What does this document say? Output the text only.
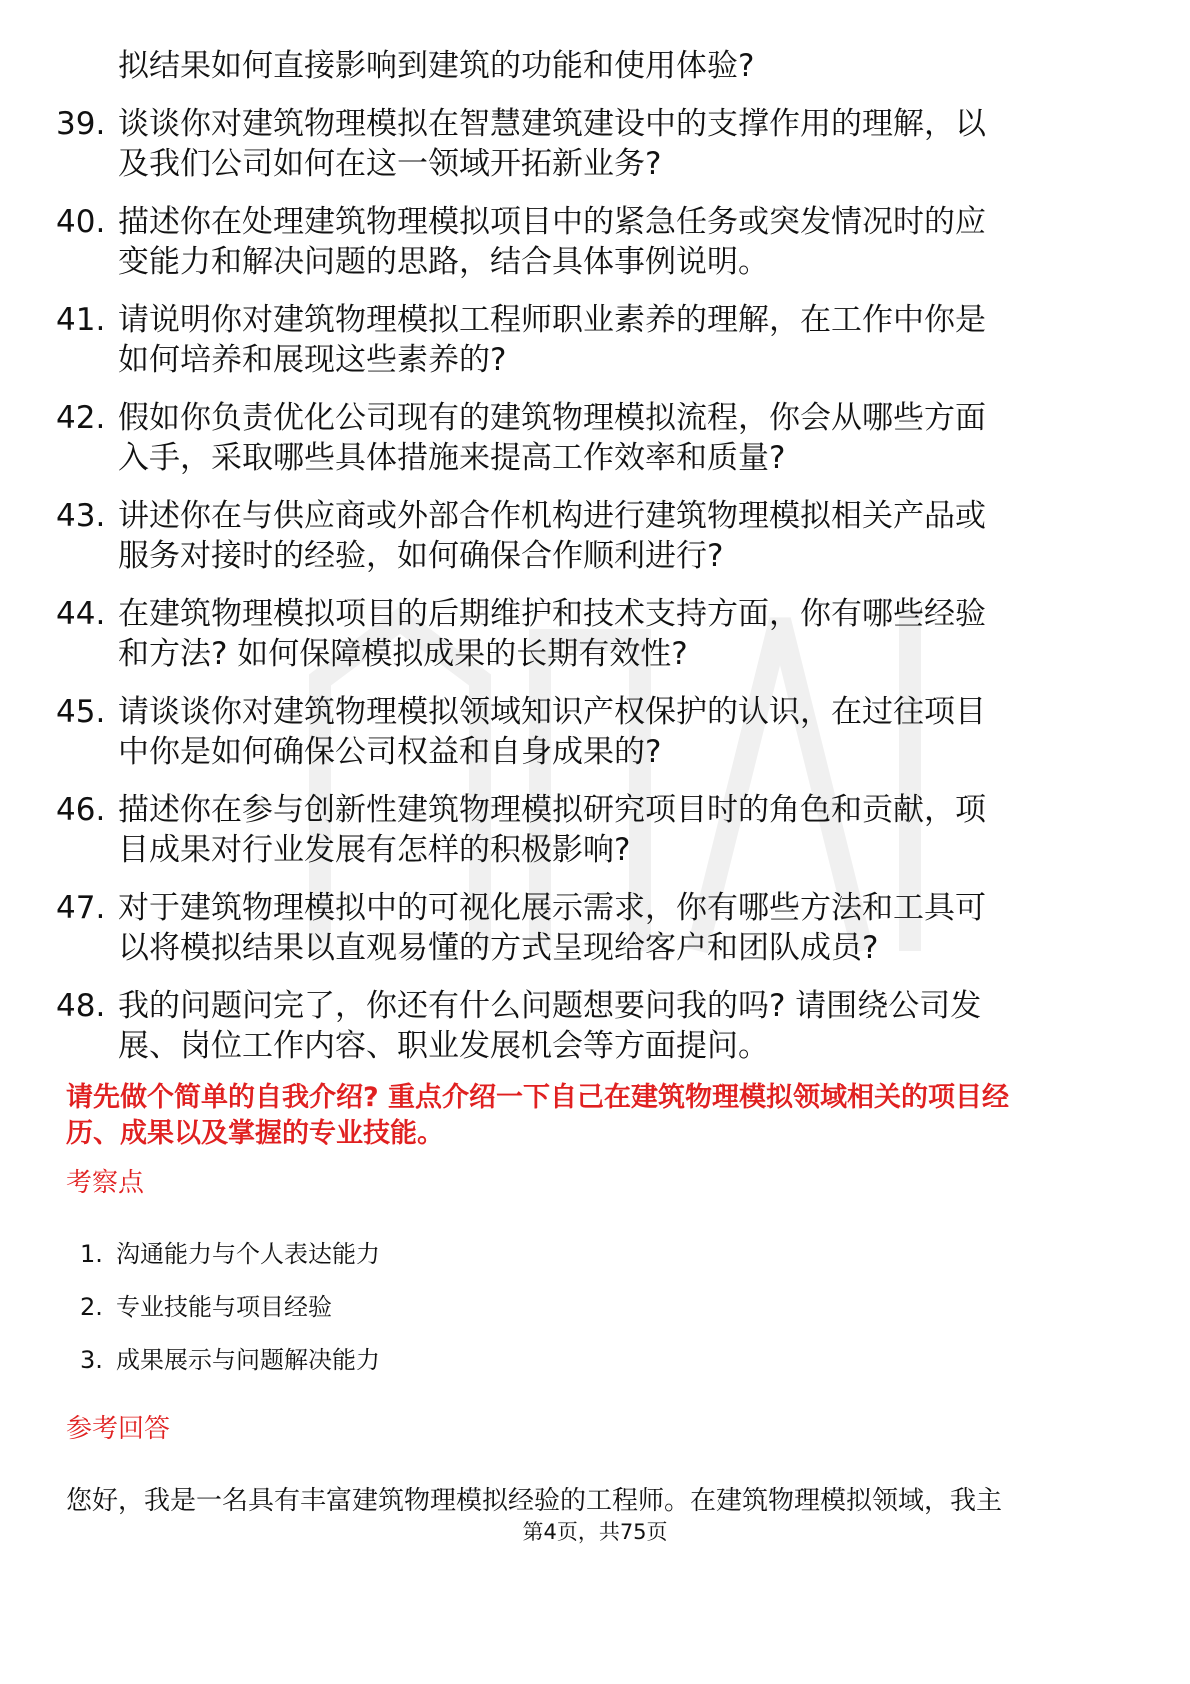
拟结果如何直接影响到建筑的功能和使用体验?
39. 谈谈你对建筑物理模拟在智慧建筑建设中的支撑作用的理解，以
及我们公司如何在这一领域开拓新业务?
40. 描述你在处理建筑物理模拟项目中的紧急任务或突发情况时的应
变能力和解决问题的思路，结合具体事例说明。
41. 请说明你对建筑物理模拟工程师职业素养的理解，在工作中你是
如何培养和展现这些素养的?
42. 假如你负责优化公司现有的建筑物理模拟流程，你会从哪些方面
入手，采取哪些具体措施来提高工作效率和质量?
43. 讲述你在与供应商或外部合作机构进行建筑物理模拟相关产品或
服务对接时的经验，如何确保合作顺利进行?
44. 在建筑物理模拟项目的后期维护和技术支持方面，你有哪些经验
和方法? 如何保障模拟成果的长期有效性?
45. 请谈谈你对建筑物理模拟领域知识产权保护的认识，在过往项目
中你是如何确保公司权益和自身成果的?
46. 描述你在参与创新性建筑物理模拟研究项目时的角色和贡献，项
目成果对行业发展有怎样的积极影响?
47. 对于建筑物理模拟中的可视化展示需求，你有哪些方法和工具可
以将模拟结果以直观易懂的方式呈现给客户和团队成员?
48. 我的问题问完了，你还有什么问题想要问我的吗? 请围绕公司发
展、岗位工作内容、职业发展机会等方面提问。
请先做个简单的自我介绍? 重点介绍一下自己在建筑物理模拟领域相关的项目经
历、成果以及掌握的专业技能。
考察点
1. 沟通能力与个人表达能力
2. 专业技能与项目经验
3. 成果展示与问题解决能力
参考回答
您好，我是一名具有丰富建筑物理模拟经验的工程师。在建筑物理模拟领域，我主
第4页，共75页
